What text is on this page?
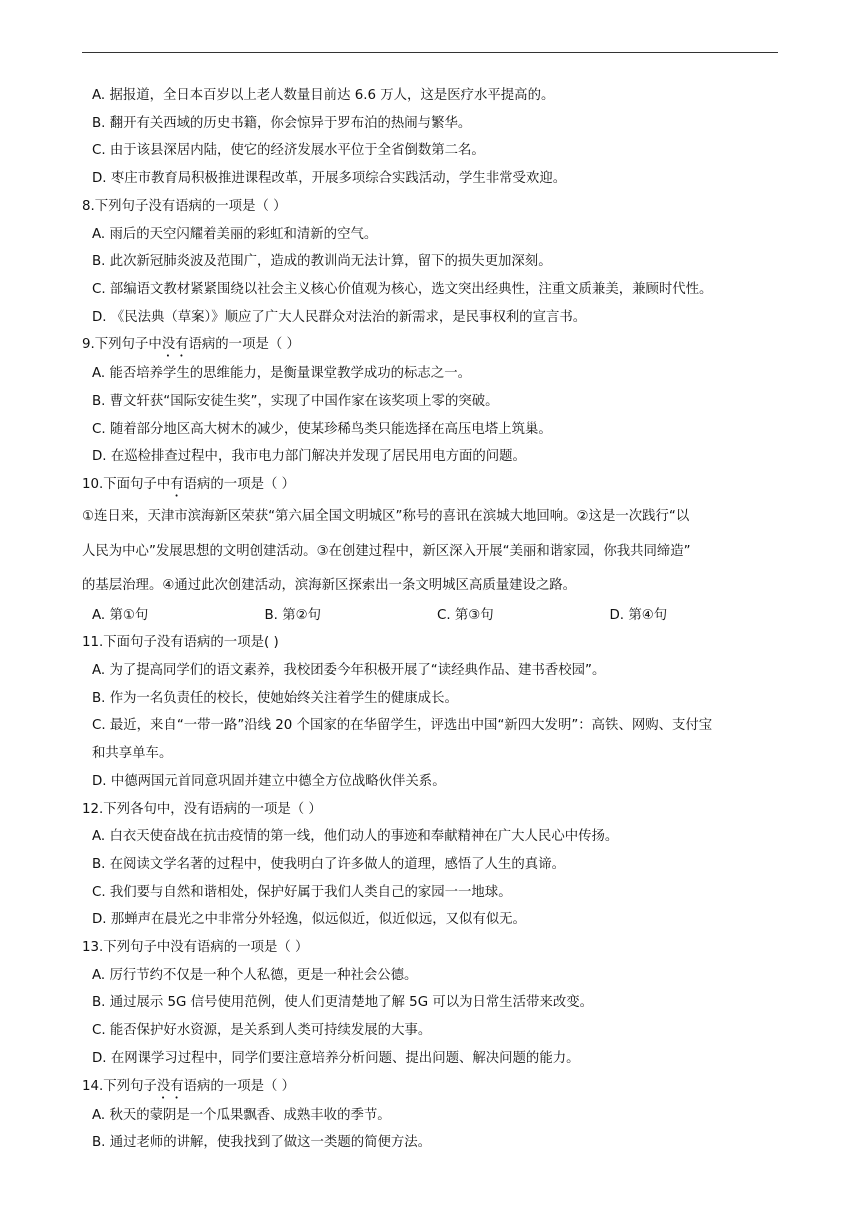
A. 据报道，全日本百岁以上老人数量目前达 6.6 万人，这是医疗水平提高的。
B. 翻开有关西域的历史书籍，你会惊异于罗布泊的热闹与繁华。
C. 由于该县深居内陆，使它的经济发展水平位于全省倒数第二名。
D. 枣庄市教育局积极推进课程改革，开展多项综合实践活动，学生非常受欢迎。
8.下列句子没有语病的一项是（ ）
A. 雨后的天空闪耀着美丽的彩虹和清新的空气。
B. 此次新冠肺炎波及范围广，造成的教训尚无法计算，留下的损失更加深刻。
C. 部编语文教材紧紧围绕以社会主义核心价值观为核心，选文突出经典性，注重文质兼美，兼顾时代性。
D. 《民法典（草案）》顺应了广大人民群众对法治的新需求，是民事权利的宣言书。
9.下列句子中没有语病的一项是（ ）
A. 能否培养学生的思维能力，是衡量课堂教学成功的标志之一。
B. 曹文轩获“国际安徒生奖”，实现了中国作家在该奖项上零的突破。
C. 随着部分地区高大树木的减少，使某珍稀鸟类只能选择在高压电塔上筑巢。
D. 在巡检排查过程中，我市电力部门解决并发现了居民用电方面的问题。
10.下面句子中有语病的一项是（ ）
①连日来，天津市滨海新区荣获“第六届全国文明城区”称号的喜讯在滨城大地回响。②这是一次践行“以
人民为中心”发展思想的文明创建活动。③在创建过程中，新区深入开展“美丽和谐家园，你我共同缔造”
的基层治理。④通过此次创建活动，滨海新区探索出一条文明城区高质量建设之路。
A. 第①句	B. 第②句	C. 第③句	D. 第④句
11.下面句子没有语病的一项是( )
A. 为了提高同学们的语文素养，我校团委今年积极开展了“读经典作品、建书香校园”。
B. 作为一名负责任的校长，使她始终关注着学生的健康成长。
C. 最近，来自“一带一路”沿线 20 个国家的在华留学生，评选出中国“新四大发明”：高铁、网购、支付宝
和共享单车。
D. 中德两国元首同意巩固并建立中德全方位战略伙伴关系。
12.下列各句中，没有语病的一项是（ ）
A. 白衣天使奋战在抗击疫情的第一线，他们动人的事迹和奉献精神在广大人民心中传扬。
B. 在阅读文学名著的过程中，使我明白了许多做人的道理，感悟了人生的真谛。
C. 我们要与自然和谐相处，保护好属于我们人类自己的家园一一地球。
D. 那蝉声在晨光之中非常分外轻逸，似远似近，似近似远，又似有似无。
13.下列句子中没有语病的一项是（ ）
A. 厉行节约不仅是一种个人私德，更是一种社会公德。
B. 通过展示 5G 信号使用范例，使人们更清楚地了解 5G 可以为日常生活带来改变。
C. 能否保护好水资源，是关系到人类可持续发展的大事。
D. 在网课学习过程中，同学们要注意培养分析问题、提出问题、解决问题的能力。
14.下列句子没有语病的一项是（ ）
A. 秋天的蒙阴是一个瓜果飘香、成熟丰收的季节。
B. 通过老师的讲解，使我找到了做这一类题的简便方法。
